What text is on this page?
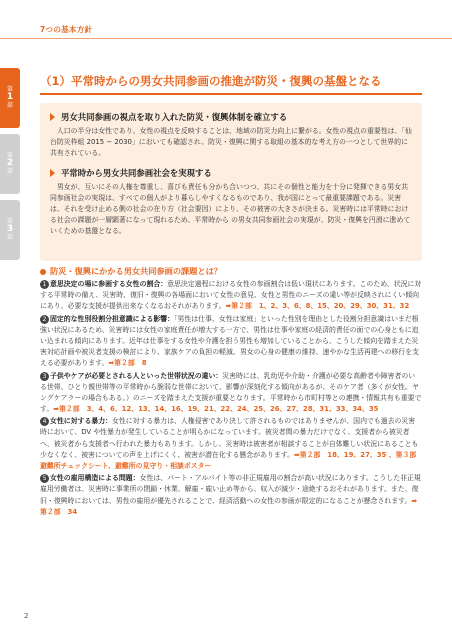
7つの基本方針
第
1
部
第
2
部
第
3
部
（1）平常時からの男女共同参画の推進が防災・復興の基盤となる
男女共同参画の視点を取り入れた防災・復興体制を確立する

人口の半分は女性であり、女性の視点を反映することは、地域の防災力向上に繋がる。女性の視点の重要性は、「仙台防災枠組 2015 − 2030」においても確認され、防災・復興に関する取組の基本的な考え方の一つとして世界的に共有されている。

平常時から男女共同参画社会を実現する

男女が、互いにその人権を尊重し、喜びも責任も分かち合いつつ、共にその個性と能力を十分に発揮できる男女共同参画社会の実現は、すべての個人がより暮らしやすくなるものであり、我が国にとって最重要課題である。災害は、それを受け止める側の社会の在り方（社会要因）により、その被害の大きさが決まる。災害時には平常時における社会の課題が一層顕著になって現れるため、平常時から の男女共同参画社会の実現が、防災・復興を円滑に進めていくための基盤となる。

防災・復興にかかる男女共同参画の課題とは？
1 意思決定の場に参画する女性の割合：意思決定過程における女性の参画割合は低い現状にあります。このため、状況に対する平常時の備え、災害時、復旧・復興の各場面において女性の意見、女性と男性のニーズの違い等が反映されにくい傾向にあり、必要な支援が提供出来なくなるおそれがあります。➡第２部　1、2、3、6、8、15、20、29、30、31、32
2 固定的な性別役割分担意識による影響：「男性は仕事、女性は家庭」といった性別を理由とした役割分担意識はいまだ根強い状況にあるため、災害時には女性の家庭責任が増大する一方で、男性は仕事や家庭の経済的責任の面での心身ともに追い込まれる傾向にあります。近年は仕事をする女性や介護を担う男性も増加していることから、こうした傾向を踏まえた災害対応計画や被災者支援の検討により、家族ケアの負担の軽減、男女の心身の健康の維持、速やかな生活再建への移行を支える必要があります。➡第２部　8
3 子供やケアが必要とされる人といった世帯状況の違い：災害時には、乳幼児や介助・介護が必要な高齢者や障害者のいる世帯、ひとり親世帯等の平常時から脆弱な世帯において、影響が深刻化する傾向があるが、そのケア者（多くが女性。ヤングケアラーの場合もある。）のニーズを踏まえた支援が重要となります。平常時から市町村等との連携・情報共有も重要です。➡第２部　3、4、6、12、13、14、16、19、21、22、24、25、26、27、28、31、33、34、35
4 女性に対する暴力：女性に対する暴力は、人権侵害であり決して許されるものではありませんが、国内でも過去の災害時において、DV や性暴力が発生していることが明らかになっています。被災者間の暴力だけでなく、支援者から被災者へ、被災者から支援者へ行われた暴力もあります。しかし、災害時は被害者が相談することが自体難しい状況にあることも少なくなく、被害についての声を上げにくく、被害が潜在化する懸念があります。➡第２部　18、19、27、35 、第３部　避難所チェックシート、避難所の見守り・相談ポスター
5 女性の雇用構造による問題：女性は、パート・アルバイト等の非正規雇用の割合が高い状況にあります。こうした非正規雇用労働者は、災害時に事業所の閉鎖・休業、解雇・雇い止め等から、収入が減少・途絶するおそれがあります。また、復旧・復興時においては、男性の雇用が優先されることで、経済活動への女性の参画が限定的になることが懸念されます。➡第２部　34
2
